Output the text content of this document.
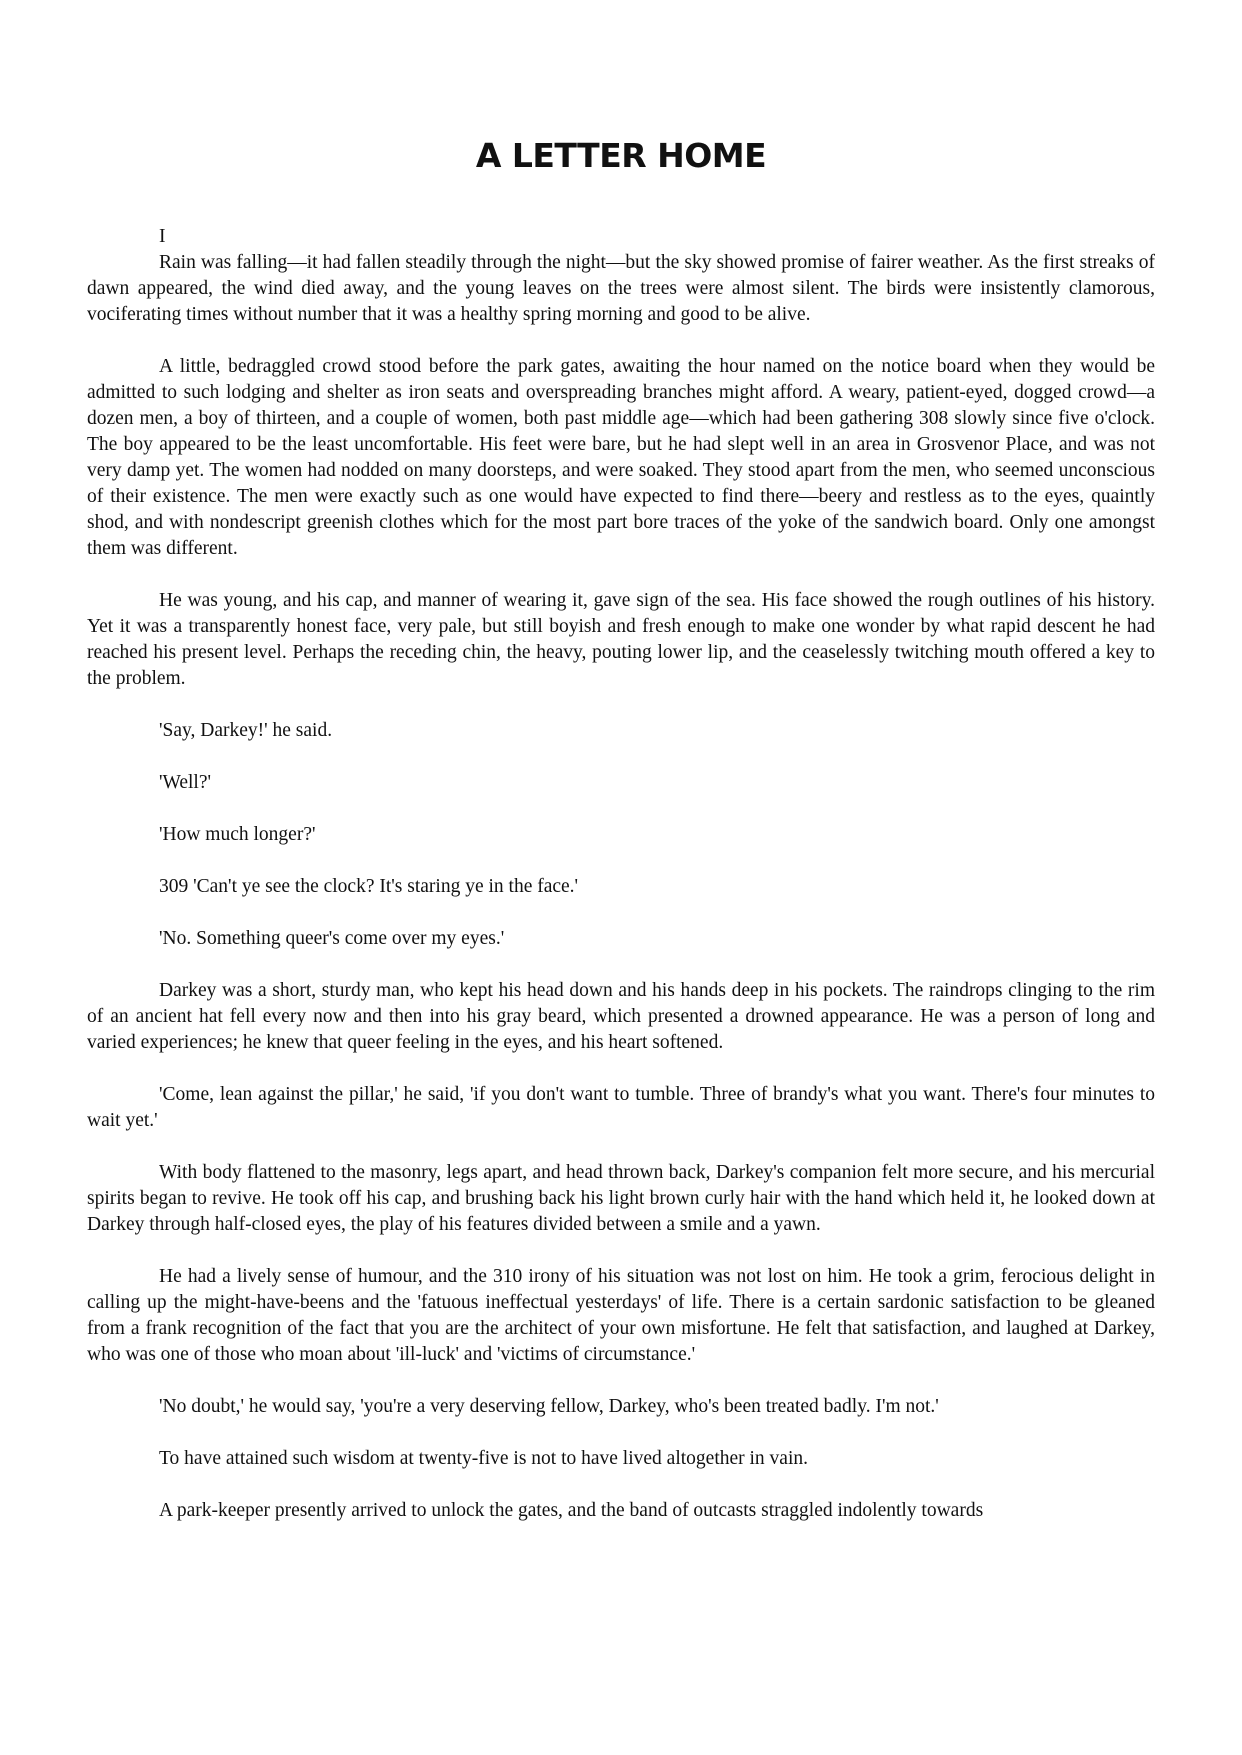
A LETTER HOME

I

Rain was falling—it had fallen steadily through the night—but the sky showed promise of fairer weather. As the first streaks of dawn appeared, the wind died away, and the young leaves on the trees were almost silent. The birds were insistently clamorous, vociferating times without number that it was a healthy spring morning and good to be alive.

A little, bedraggled crowd stood before the park gates, awaiting the hour named on the notice board when they would be admitted to such lodging and shelter as iron seats and overspreading branches might afford. A weary, patient-eyed, dogged crowd—a dozen men, a boy of thirteen, and a couple of women, both past middle age—which had been gathering 308 slowly since five o'clock. The boy appeared to be the least uncomfortable. His feet were bare, but he had slept well in an area in Grosvenor Place, and was not very damp yet. The women had nodded on many doorsteps, and were soaked. They stood apart from the men, who seemed unconscious of their existence. The men were exactly such as one would have expected to find there—beery and restless as to the eyes, quaintly shod, and with nondescript greenish clothes which for the most part bore traces of the yoke of the sandwich board. Only one amongst them was different.

He was young, and his cap, and manner of wearing it, gave sign of the sea. His face showed the rough outlines of his history. Yet it was a transparently honest face, very pale, but still boyish and fresh enough to make one wonder by what rapid descent he had reached his present level. Perhaps the receding chin, the heavy, pouting lower lip, and the ceaselessly twitching mouth offered a key to the problem.

'Say, Darkey!' he said.

'Well?'

'How much longer?'

309 'Can't ye see the clock? It's staring ye in the face.'

'No. Something queer's come over my eyes.'

Darkey was a short, sturdy man, who kept his head down and his hands deep in his pockets. The raindrops clinging to the rim of an ancient hat fell every now and then into his gray beard, which presented a drowned appearance. He was a person of long and varied experiences; he knew that queer feeling in the eyes, and his heart softened.

'Come, lean against the pillar,' he said, 'if you don't want to tumble. Three of brandy's what you want. There's four minutes to wait yet.'

With body flattened to the masonry, legs apart, and head thrown back, Darkey's companion felt more secure, and his mercurial spirits began to revive. He took off his cap, and brushing back his light brown curly hair with the hand which held it, he looked down at Darkey through half-closed eyes, the play of his features divided between a smile and a yawn.

He had a lively sense of humour, and the 310 irony of his situation was not lost on him. He took a grim, ferocious delight in calling up the might-have-beens and the 'fatuous ineffectual yesterdays' of life. There is a certain sardonic satisfaction to be gleaned from a frank recognition of the fact that you are the architect of your own misfortune. He felt that satisfaction, and laughed at Darkey, who was one of those who moan about 'ill-luck' and 'victims of circumstance.'

'No doubt,' he would say, 'you're a very deserving fellow, Darkey, who's been treated badly. I'm not.'

To have attained such wisdom at twenty-five is not to have lived altogether in vain.

A park-keeper presently arrived to unlock the gates, and the band of outcasts straggled indolently towards
